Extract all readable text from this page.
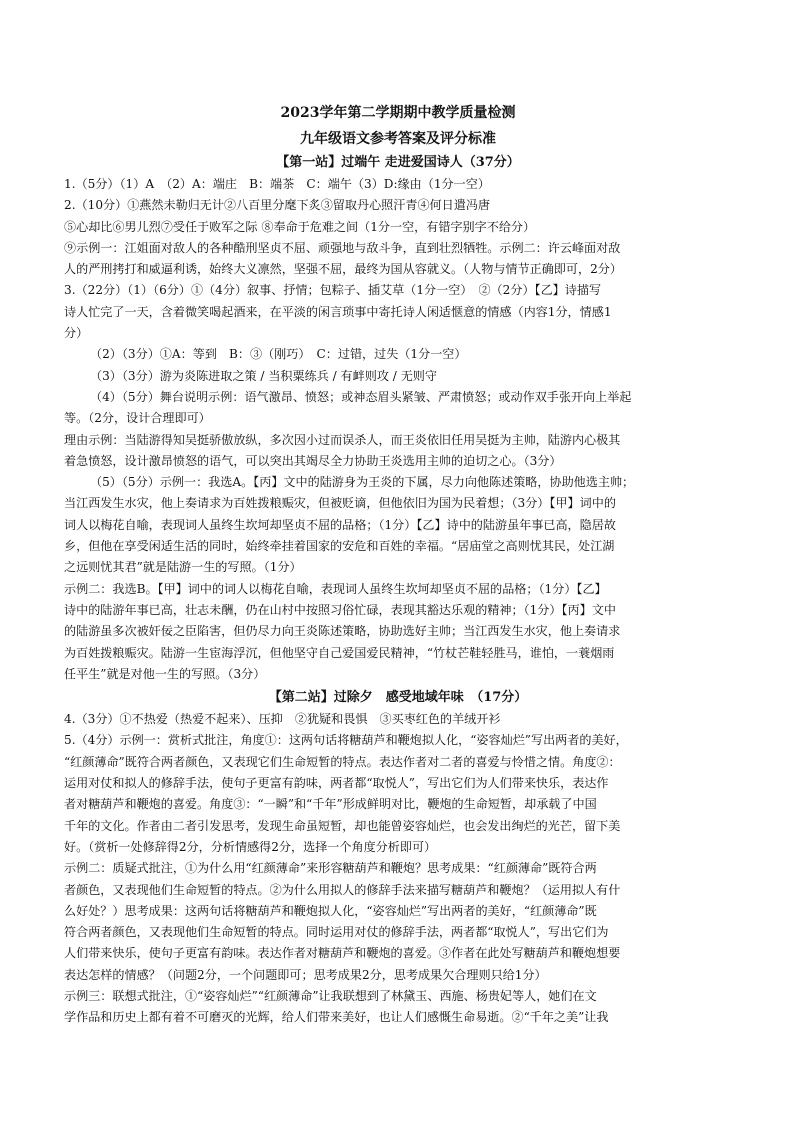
2023学年第二学期期中教学质量检测

九年级语文参考答案及评分标准

【第一站】过端午 走进爱国诗人（37分）

1.（5分）（1）A　（2）A：端庄　B：端茶　C：端午（3）D:缘由（1分一空）

2.（10分）①燕然未勒归无计②八百里分麾下炙③留取丹心照汗青④何日遣冯唐

⑤心却比⑥男儿烈⑦受任于败军之际 ⑧奉命于危难之间（1分一空，有错字别字不给分）

⑨示例一：江姐面对敌人的各种酷刑坚贞不屈、顽强地与敌斗争，直到壮烈牺牲。示例二：许云峰面对敌

人的严刑拷打和威逼利诱，始终大义凛然，坚强不屈，最终为国从容就义。（人物与情节正确即可，2分）

3.（22分）（1）（6分）①（4分）叙事、抒情；包粽子、插艾草（1分一空）　②（2分）【乙】诗描写

诗人忙完了一天，含着微笑喝起酒来，在平淡的闲言琐事中寄托诗人闲适惬意的情感（内容1分，情感1

分）

（2）（3分）①A：等到　B：③（刚巧）　C：过错，过失（1分一空）

（3）（3分）游为炎陈进取之策 / 当积粟练兵 / 有衅则攻 / 无则守

（4）（5分）舞台说明示例：语气激昂、愤怒；或神态眉头紧皱、严肃愤怒；或动作双手张开向上举起

等。（2分，设计合理即可）

理由示例：当陆游得知吴挺骄傲放纵，多次因小过而误杀人，而王炎依旧任用吴挺为主帅，陆游内心极其

着急愤怒，设计激昂愤怒的语气，可以突出其竭尽全力协助王炎选用主帅的迫切之心。（3分）

（5）（5分）示例一：我选A。【丙】文中的陆游身为王炎的下属，尽力向他陈述策略，协助他选主帅；

当江西发生水灾，他上奏请求为百姓拨粮赈灾，但被贬谪，但他依旧为国为民着想；（3分）【甲】词中的

词人以梅花自喻，表现词人虽终生坎坷却坚贞不屈的品格；（1分）【乙】诗中的陆游虽年事已高，隐居故

乡，但他在享受闲适生活的同时，始终牵挂着国家的安危和百姓的幸福。“居庙堂之高则忧其民，处江湖

之远则忧其君”就是陆游一生的写照。（1分）

示例二：我选B。【甲】词中的词人以梅花自喻，表现词人虽终生坎坷却坚贞不屈的品格；（1分）【乙】

诗中的陆游年事已高，壮志未酬，仍在山村中按照习俗忙碌，表现其豁达乐观的精神；（1分）【丙】文中

的陆游虽多次被奸佞之臣陷害，但仍尽力向王炎陈述策略，协助选好主帅；当江西发生水灾，他上奏请求

为百姓拨粮赈灾。陆游一生宦海浮沉，但他坚守自己爱国爱民精神，“竹杖芒鞋轻胜马，谁怕，一蓑烟雨

任平生”就是对他一生的写照。（3分）

【第二站】过除夕　感受地域年味　（17分）

4.（3分）①不热爱（热爱不起来）、压抑　②犹疑和畏惧　③买枣红色的羊绒开衫

5.（4分）示例一：赏析式批注，角度①：这两句话将糖葫芦和鞭炮拟人化，“姿容灿烂”写出两者的美好，

“红颜薄命”既符合两者颜色，又表现它们生命短暂的特点。表达作者对二者的喜爱与怜惜之情。角度②：

运用对仗和拟人的修辞手法，使句子更富有韵味，两者都“取悦人”，写出它们为人们带来快乐，表达作

者对糖葫芦和鞭炮的喜爱。角度③：“一瞬”和“千年”形成鲜明对比，鞭炮的生命短暂，却承载了中国

千年的文化。作者由二者引发思考，发现生命虽短暂，却也能曾姿容灿烂，也会发出绚烂的光芒，留下美

好。（赏析一处修辞得2分，分析情感得2分，选择一个角度分析即可）

示例二：质疑式批注，①为什么用“红颜薄命”来形容糖葫芦和鞭炮？思考成果：“红颜薄命”既符合两

者颜色，又表现他们生命短暂的特点。②为什么用拟人的修辞手法来描写糖葫芦和鞭炮？（运用拟人有什

么好处？）思考成果：这两句话将糖葫芦和鞭炮拟人化，“姿容灿烂”写出两者的美好，“红颜薄命”既

符合两者颜色，又表现他们生命短暂的特点。同时运用对仗的修辞手法，两者都“取悦人”，写出它们为

人们带来快乐，使句子更富有韵味。表达作者对糖葫芦和鞭炮的喜爱。③作者在此处写糖葫芦和鞭炮想要

表达怎样的情感？（问题2分，一个问题即可；思考成果2分，思考成果欠合理则只给1分）

示例三：联想式批注，①“姿容灿烂”“红颜薄命”让我联想到了林黛玉、西施、杨贵妃等人，她们在文

学作品和历史上都有着不可磨灭的光辉，给人们带来美好，也让人们感慨生命易逝。②“千年之美”让我
